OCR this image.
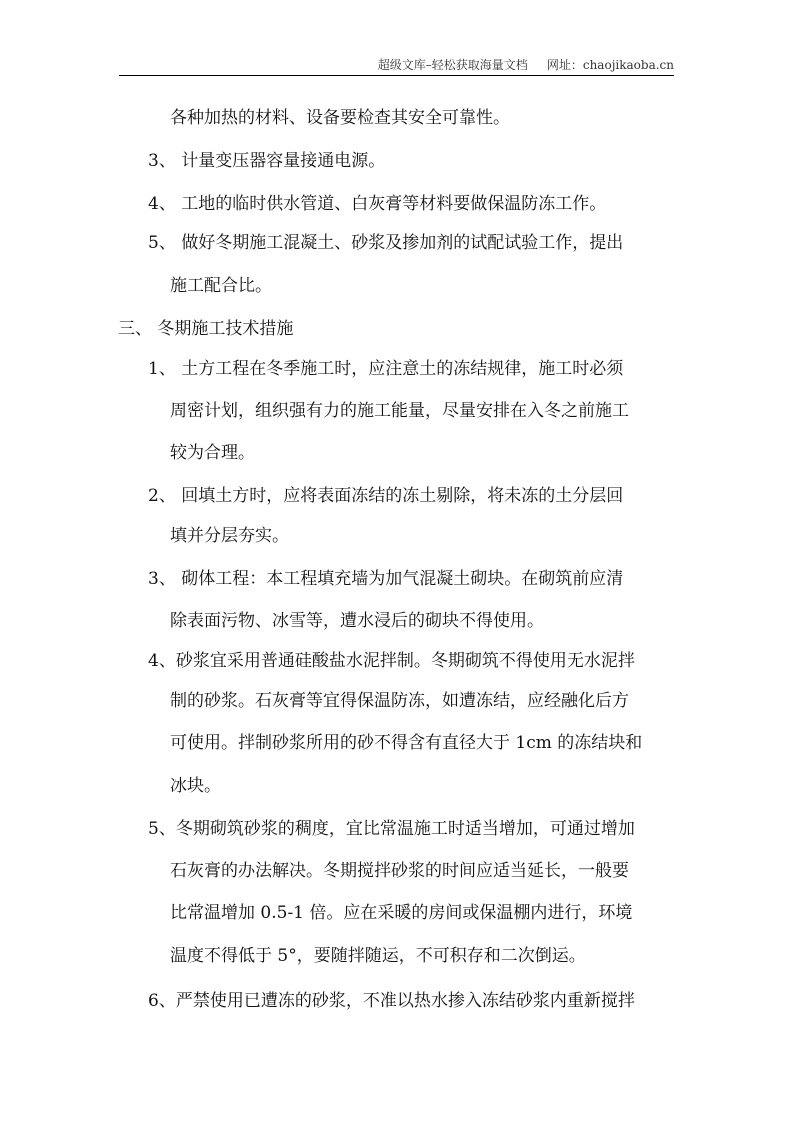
超级文库–轻松获取海量文档 网址：chaojikaoba.cn
各种加热的材料、设备要检查其安全可靠性。
3、 计量变压器容量接通电源。
4、 工地的临时供水管道、白灰膏等材料要做保温防冻工作。
5、 做好冬期施工混凝土、砂浆及掺加剂的试配试验工作，提出
施工配合比。
三、 冬期施工技术措施
1、 土方工程在冬季施工时，应注意土的冻结规律，施工时必须
周密计划，组织强有力的施工能量，尽量安排在入冬之前施工
较为合理。
2、 回填土方时，应将表面冻结的冻土剔除，将未冻的土分层回
填并分层夯实。
3、 砌体工程：本工程填充墙为加气混凝土砌块。在砌筑前应清
除表面污物、冰雪等，遭水浸后的砌块不得使用。
4、砂浆宜采用普通硅酸盐水泥拌制。冬期砌筑不得使用无水泥拌
制的砂浆。石灰膏等宜得保温防冻，如遭冻结，应经融化后方
可使用。拌制砂浆所用的砂不得含有直径大于 1cm 的冻结块和
冰块。
5、冬期砌筑砂浆的稠度，宜比常温施工时适当增加，可通过增加
石灰膏的办法解决。冬期搅拌砂浆的时间应适当延长，一般要
比常温增加 0.5-1 倍。应在采暖的房间或保温棚内进行，环境
温度不得低于 5°，要随拌随运，不可积存和二次倒运。
6、严禁使用已遭冻的砂浆，不准以热水掺入冻结砂浆内重新搅拌
